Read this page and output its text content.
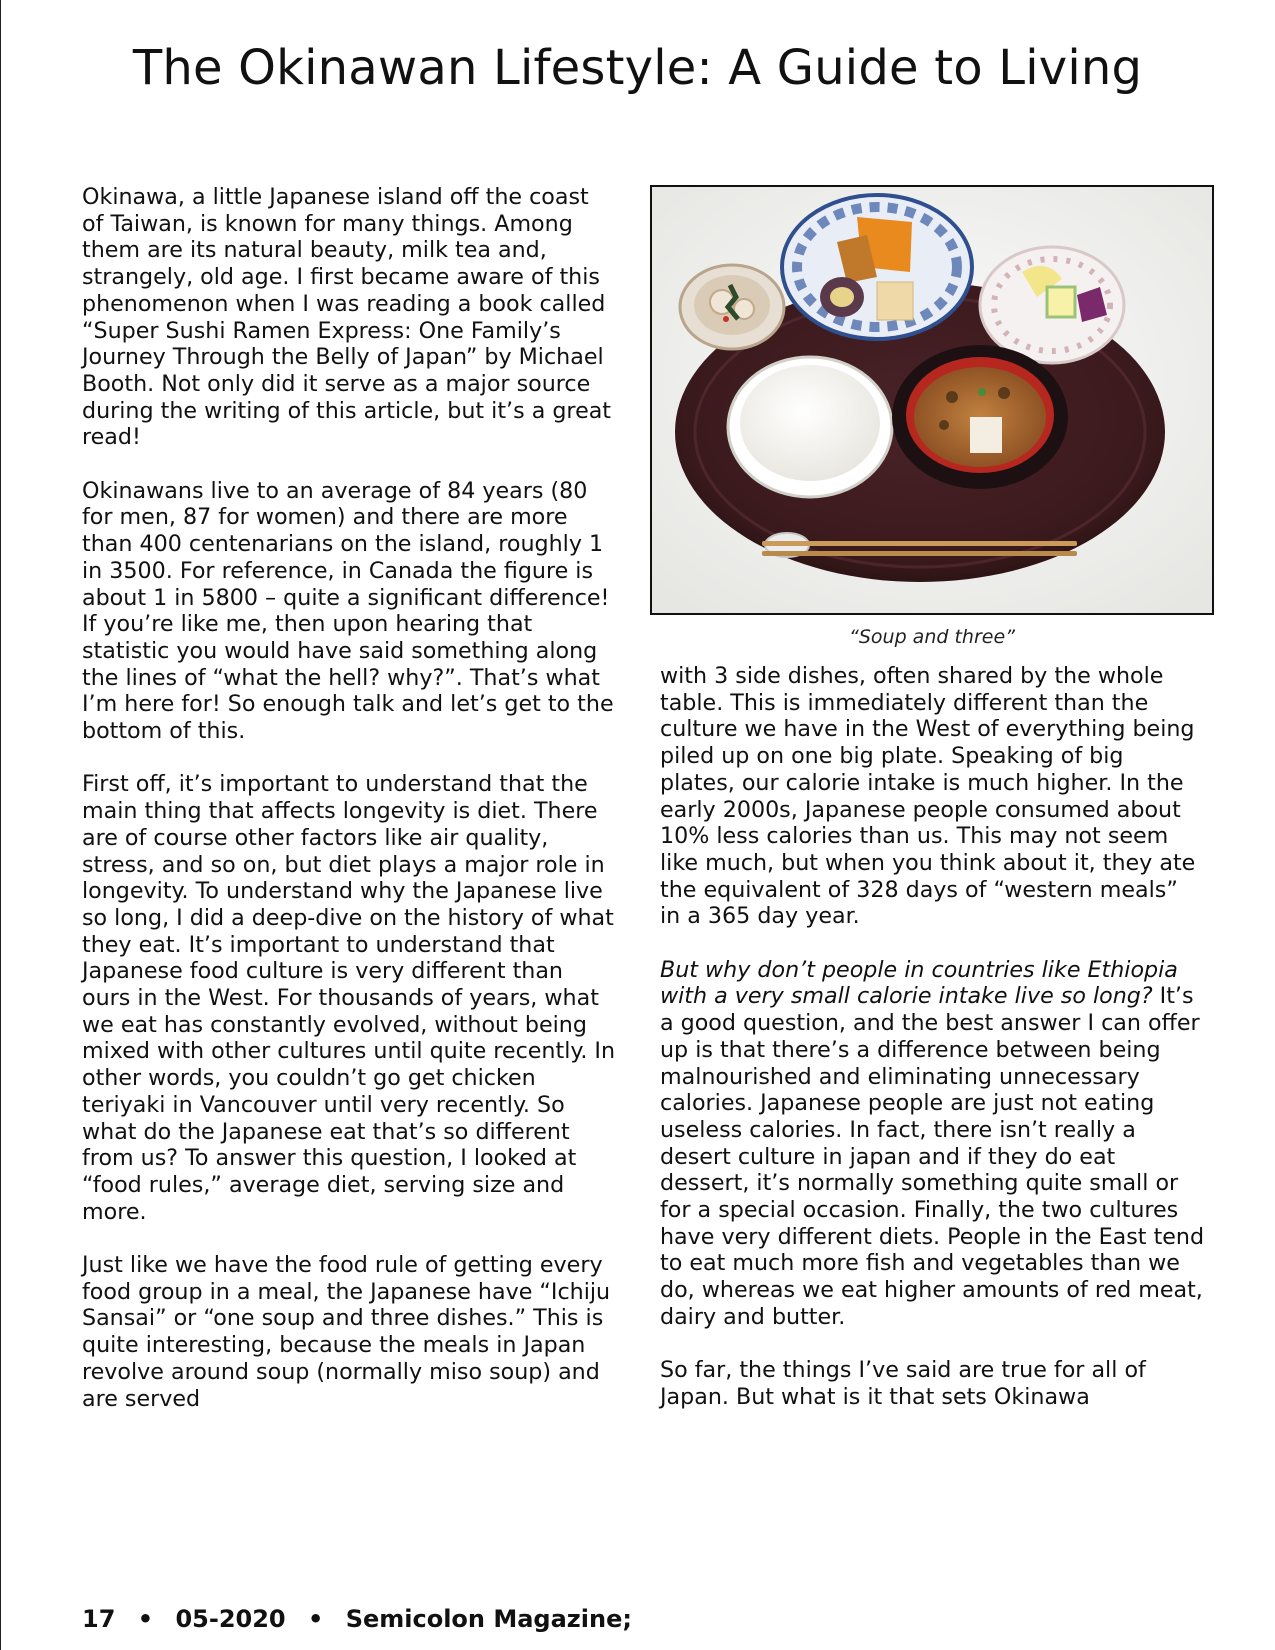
The Okinawan Lifestyle: A Guide to Living

Okinawa, a little Japanese island off the coast of Taiwan, is known for many things. Among them are its natural beauty, milk tea and, strangely, old age. I first became aware of this phenomenon when I was reading a book called “Super Sushi Ramen Express: One Family’s Journey Through the Belly of Japan” by Michael Booth. Not only did it serve as a major source during the writing of this article, but it’s a great read!

Okinawans live to an average of 84 years (80 for men, 87 for women) and there are more than 400 centenarians on the island, roughly 1 in 3500. For reference, in Canada the figure is about 1 in 5800 – quite a significant difference! If you’re like me, then upon hearing that statistic you would have said something along the lines of “what the hell? why?”. That’s what I’m here for! So enough talk and let’s get to the bottom of this.

First off, it’s important to understand that the main thing that affects longevity is diet. There are of course other factors like air quality, stress, and so on, but diet plays a major role in longevity. To understand why the Japanese live so long, I did a deep-dive on the history of what they eat. It’s important to understand that Japanese food culture is very different than ours in the West. For thousands of years, what we eat has constantly evolved, without being mixed with other cultures until quite recently. In other words, you couldn’t go get chicken teriyaki in Vancouver until very recently. So what do the Japanese eat that’s so different from us? To answer this question, I looked at “food rules,” average diet, serving size and more.

Just like we have the food rule of getting every food group in a meal, the Japanese have “Ichiju Sansai” or “one soup and three dishes.” This is quite interesting, because the meals in Japan revolve around soup (normally miso soup) and are served

“Soup and three”

with 3 side dishes, often shared by the whole table. This is immediately different than the culture we have in the West of everything being piled up on one big plate. Speaking of big plates, our calorie intake is much higher. In the early 2000s, Japanese people consumed about 10% less calories than us. This may not seem like much, but when you think about it, they ate the equivalent of 328 days of “western meals” in a 365 day year.

But why don’t people in countries like Ethiopia with a very small calorie intake live so long? It’s a good question, and the best answer I can offer up is that there’s a difference between being malnourished and eliminating unnecessary calories. Japanese people are just not eating useless calories. In fact, there isn’t really a desert culture in japan and if they do eat dessert, it’s normally something quite small or for a special occasion. Finally, the two cultures have very different diets. People in the East tend to eat much more fish and vegetables than we do, whereas we eat higher amounts of red meat, dairy and butter.

So far, the things I’ve said are true for all of Japan. But what is it that sets Okinawa

17 • 05-2020 • Semicolon Magazine;
